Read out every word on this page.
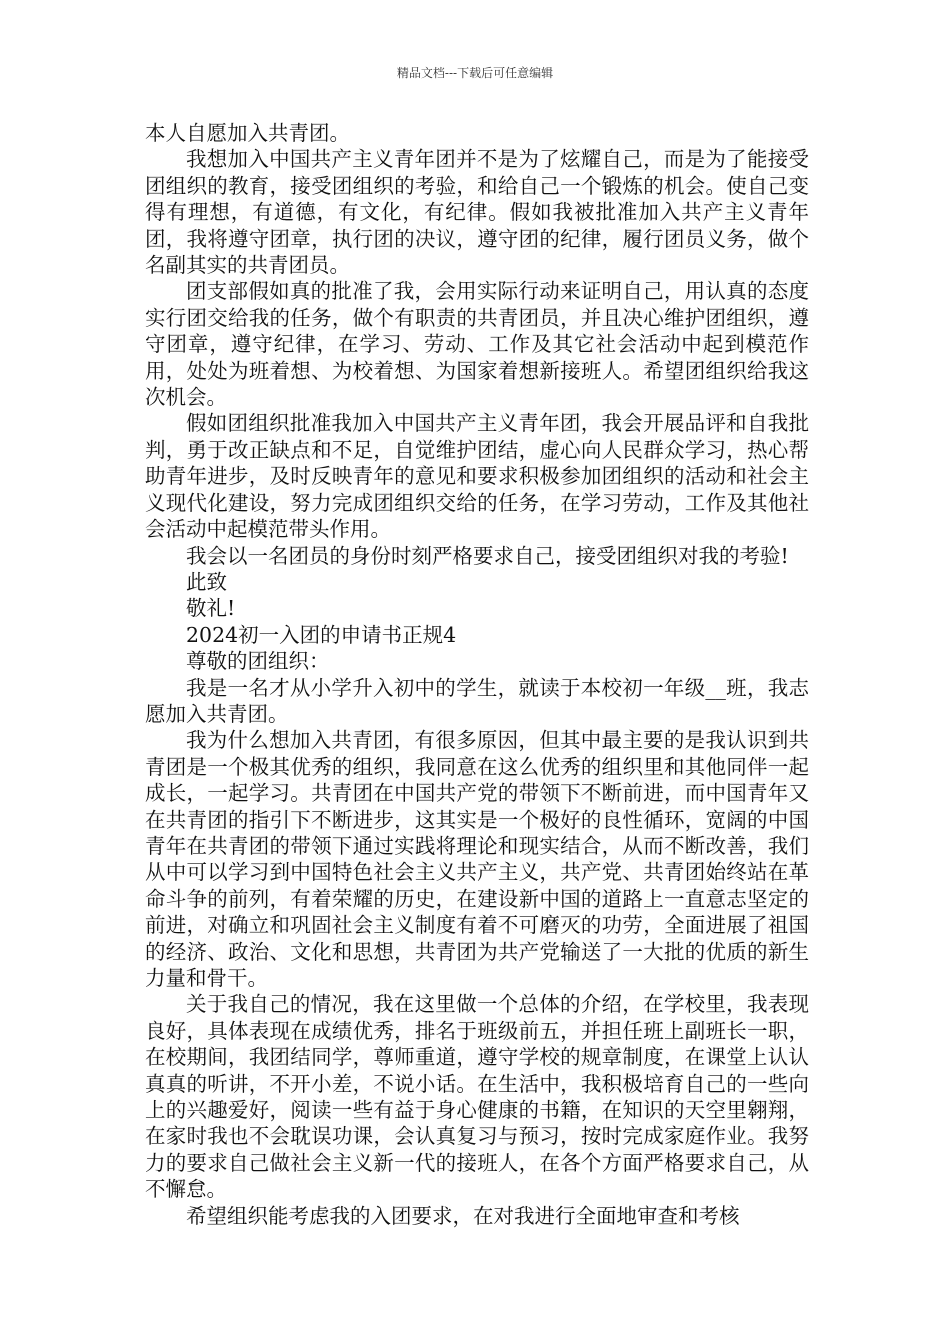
精品文档---下载后可任意编辑

本人自愿加入共青团。

我想加入中国共产主义青年团并不是为了炫耀自己，而是为了能接受团组织的教育，接受团组织的考验，和给自己一个锻炼的机会。使自己变得有理想，有道德，有文化，有纪律。假如我被批准加入共产主义青年团，我将遵守团章，执行团的决议，遵守团的纪律，履行团员义务，做个名副其实的共青团员。

团支部假如真的批准了我，会用实际行动来证明自己，用认真的态度实行团交给我的任务，做个有职责的共青团员，并且决心维护团组织，遵守团章，遵守纪律，在学习、劳动、工作及其它社会活动中起到模范作用，处处为班着想、为校着想、为国家着想新接班人。希望团组织给我这次机会。

假如团组织批准我加入中国共产主义青年团，我会开展品评和自我批判，勇于改正缺点和不足，自觉维护团结，虚心向人民群众学习，热心帮助青年进步，及时反映青年的意见和要求积极参加团组织的活动和社会主义现代化建设，努力完成团组织交给的任务，在学习劳动，工作及其他社会活动中起模范带头作用。

我会以一名团员的身份时刻严格要求自己，接受团组织对我的考验!

此致

敬礼!

2024初一入团的申请书正规4

尊敬的团组织：

我是一名才从小学升入初中的学生，就读于本校初一年级__班，我志愿加入共青团。

我为什么想加入共青团，有很多原因，但其中最主要的是我认识到共青团是一个极其优秀的组织，我同意在这么优秀的组织里和其他同伴一起成长，一起学习。共青团在中国共产党的带领下不断前进，而中国青年又在共青团的指引下不断进步，这其实是一个极好的良性循环，宽阔的中国青年在共青团的带领下通过实践将理论和现实结合，从而不断改善，我们从中可以学习到中国特色社会主义共产主义，共产党、共青团始终站在革命斗争的前列，有着荣耀的历史，在建设新中国的道路上一直意志坚定的前进，对确立和巩固社会主义制度有着不可磨灭的功劳，全面进展了祖国的经济、政治、文化和思想，共青团为共产党输送了一大批的优质的新生力量和骨干。

关于我自己的情况，我在这里做一个总体的介绍，在学校里，我表现良好，具体表现在成绩优秀，排名于班级前五，并担任班上副班长一职，在校期间，我团结同学，尊师重道，遵守学校的规章制度，在课堂上认认真真的听讲，不开小差，不说小话。在生活中，我积极培育自己的一些向上的兴趣爱好，阅读一些有益于身心健康的书籍，在知识的天空里翱翔，在家时我也不会耽误功课，会认真复习与预习，按时完成家庭作业。我努力的要求自己做社会主义新一代的接班人，在各个方面严格要求自己，从不懈怠。

希望组织能考虑我的入团要求，在对我进行全面地审查和考核
